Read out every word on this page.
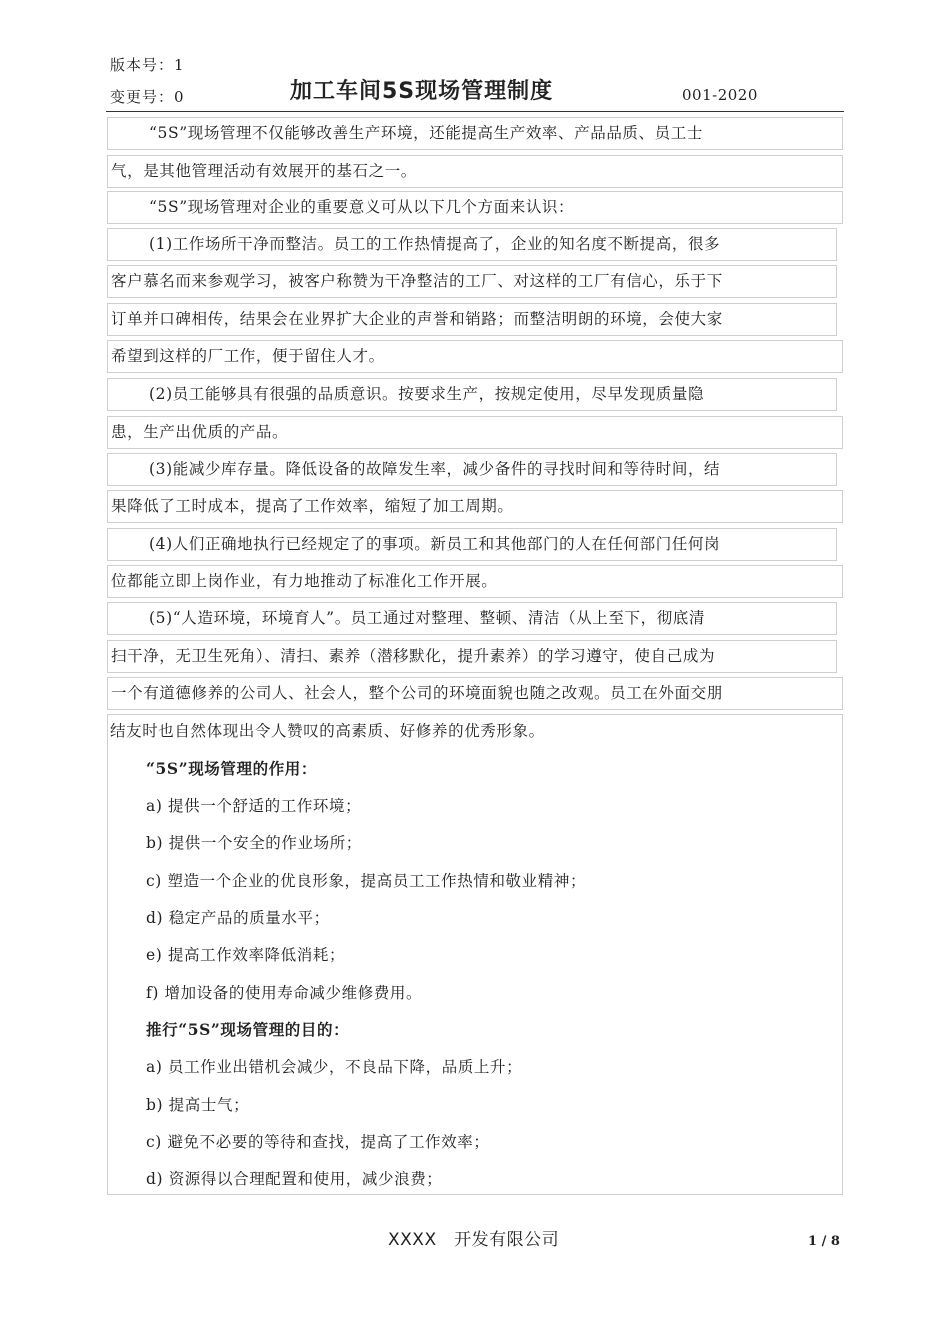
版本号：1
变更号：0	加工车间5S现场管理制度	001-2020
“5S”现场管理不仅能够改善生产环境，还能提高生产效率、产品品质、员工士
气，是其他管理活动有效展开的基石之一。
“5S”现场管理对企业的重要意义可从以下几个方面来认识：
(1)工作场所干净而整洁。员工的工作热情提高了，企业的知名度不断提高，很多
客户慕名而来参观学习，被客户称赞为干净整洁的工厂、对这样的工厂有信心，乐于下
订单并口碑相传，结果会在业界扩大企业的声誉和销路；而整洁明朗的环境，会使大家
希望到这样的厂工作，便于留住人才。
(2)员工能够具有很强的品质意识。按要求生产，按规定使用，尽早发现质量隐
患，生产出优质的产品。
(3)能减少库存量。降低设备的故障发生率，减少备件的寻找时间和等待时间，结
果降低了工时成本，提高了工作效率，缩短了加工周期。
(4)人们正确地执行已经规定了的事项。新员工和其他部门的人在任何部门任何岗
位都能立即上岗作业，有力地推动了标准化工作开展。
(5)“人造环境，环境育人”。员工通过对整理、整顿、清洁（从上至下，彻底清
扫干净，无卫生死角）、清扫、素养（潜移默化，提升素养）的学习遵守，使自己成为
一个有道德修养的公司人、社会人，整个公司的环境面貌也随之改观。员工在外面交朋
结友时也自然体现出令人赞叹的高素质、好修养的优秀形象。
“5S”现场管理的作用：
a) 提供一个舒适的工作环境；
b) 提供一个安全的作业场所；
c) 塑造一个企业的优良形象，提高员工工作热情和敬业精神；
d) 稳定产品的质量水平；
e) 提高工作效率降低消耗；
f) 增加设备的使用寿命减少维修费用。
推行“5S”现场管理的目的：
a) 员工作业出错机会减少，不良品下降，品质上升；
b) 提高士气；
c) 避免不必要的等待和查找，提高了工作效率；
d) 资源得以合理配置和使用，减少浪费；
XXXX　开发有限公司	1 / 8
